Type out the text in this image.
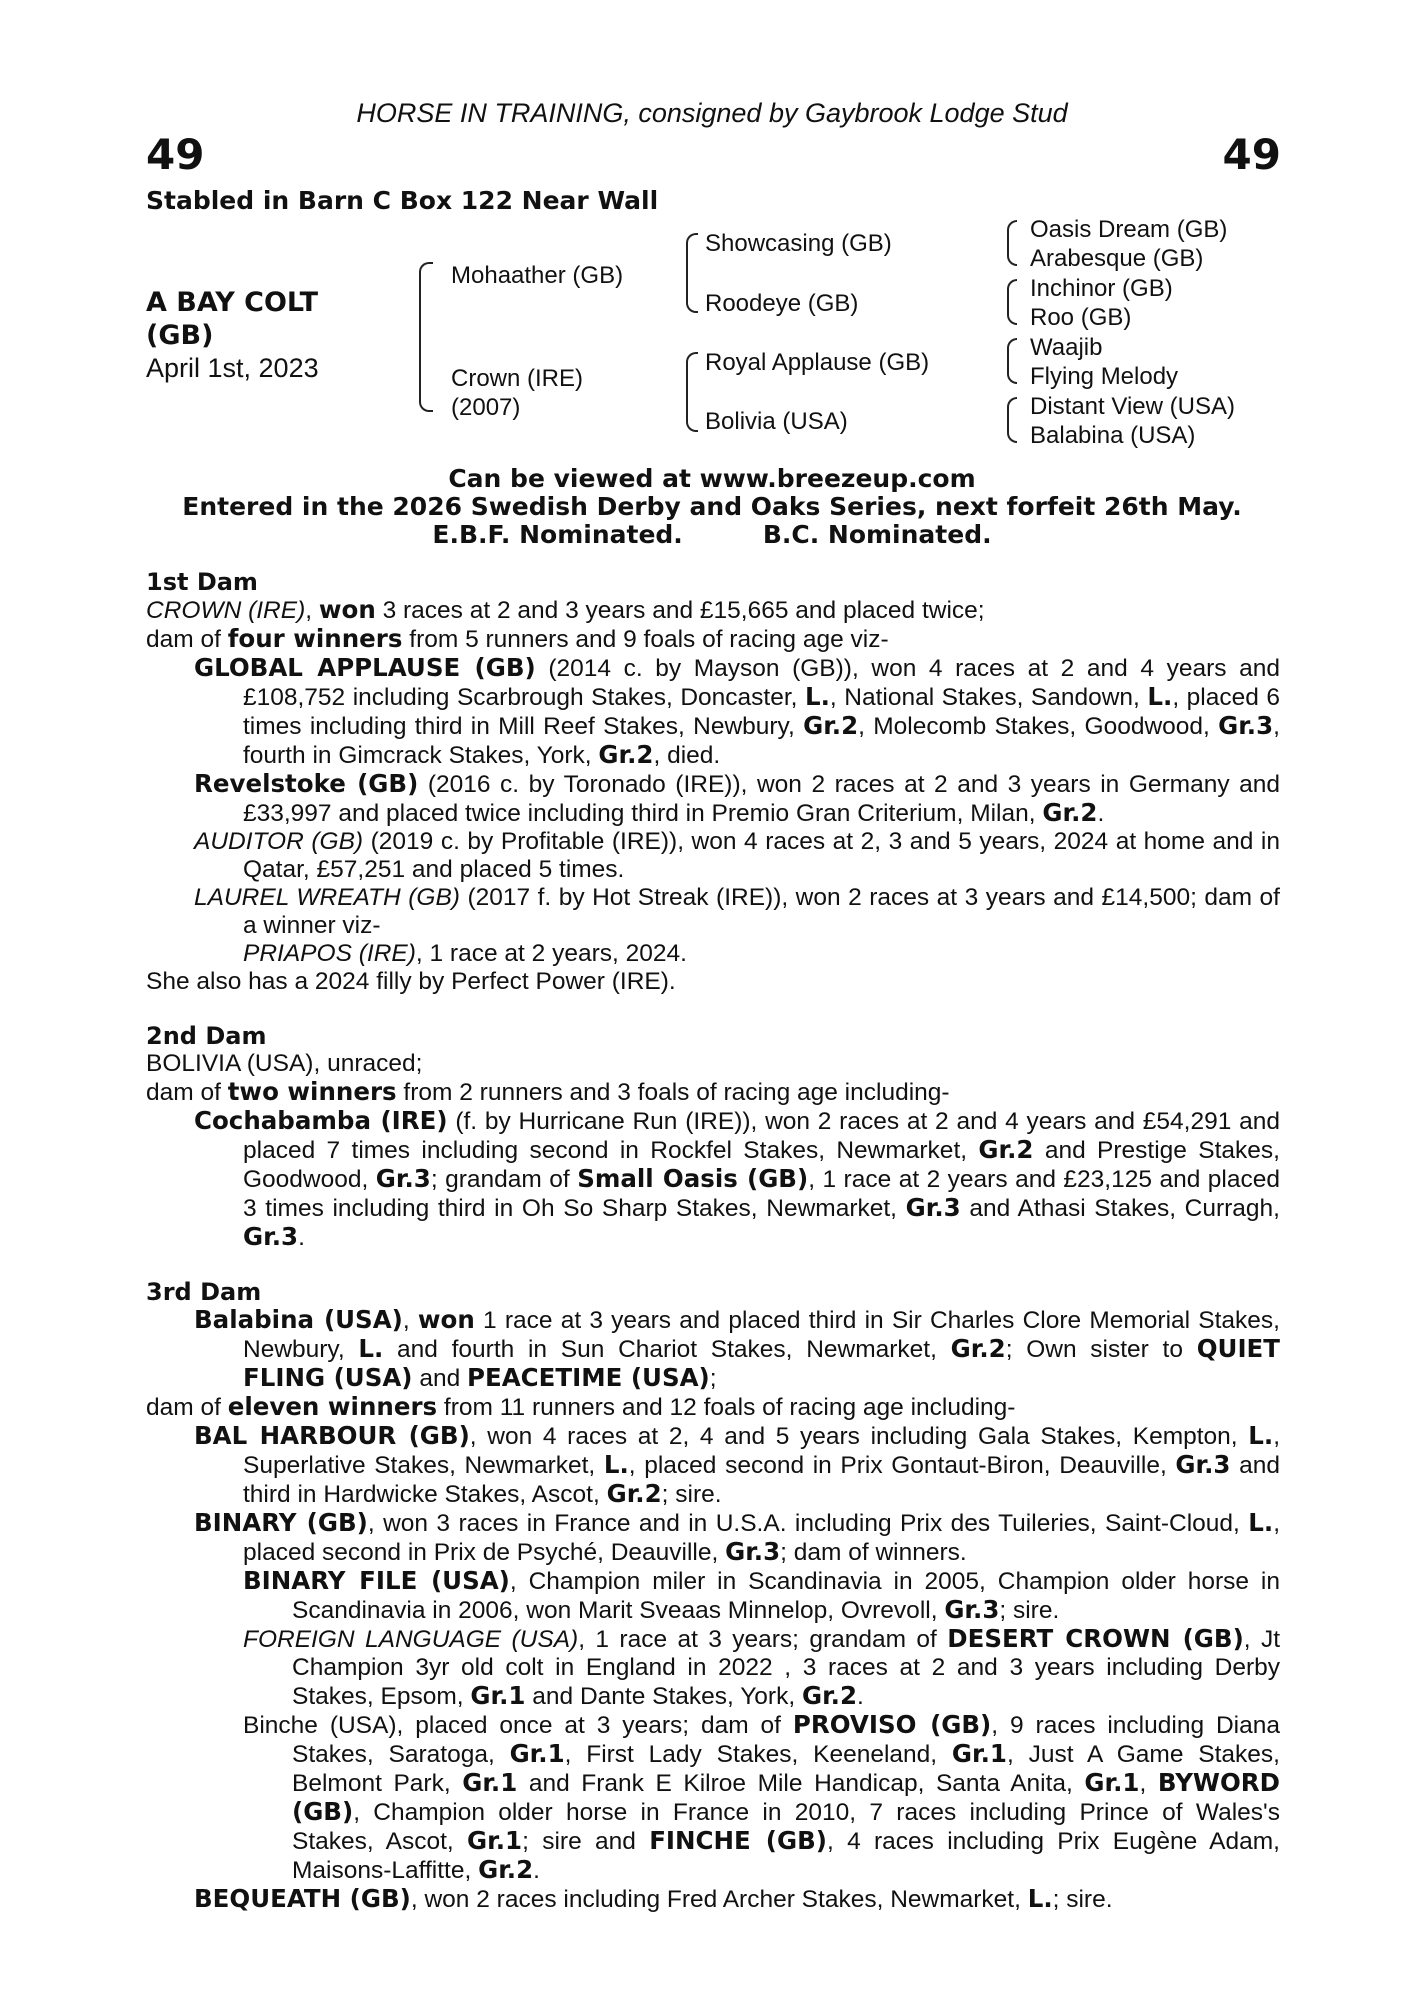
HORSE IN TRAINING, consigned by Gaybrook Lodge Stud
49	49
Stabled in Barn C Box 122 Near Wall
A BAY COLT
(GB)
April 1st, 2023
Mohaather (GB)
Crown (IRE)
(2007)
Showcasing (GB)
Roodeye (GB)
Royal Applause (GB)
Bolivia (USA)
Oasis Dream (GB)
Arabesque (GB)
Inchinor (GB)
Roo (GB)
Waajib
Flying Melody
Distant View (USA)
Balabina (USA)
Can be viewed at www.breezeup.com
Entered in the 2026 Swedish Derby and Oaks Series, next forfeit 26th May.
E.B.F. Nominated.	B.C. Nominated.
1st Dam
CROWN (IRE), won 3 races at 2 and 3 years and £15,665 and placed twice;
dam of four winners from 5 runners and 9 foals of racing age viz-
GLOBAL APPLAUSE (GB) (2014 c. by Mayson (GB)), won 4 races at 2 and 4 years and £108,752 including Scarbrough Stakes, Doncaster, L., National Stakes, Sandown, L., placed 6 times including third in Mill Reef Stakes, Newbury, Gr.2, Molecomb Stakes, Goodwood, Gr.3, fourth in Gimcrack Stakes, York, Gr.2, died.
Revelstoke (GB) (2016 c. by Toronado (IRE)), won 2 races at 2 and 3 years in Germany and £33,997 and placed twice including third in Premio Gran Criterium, Milan, Gr.2.
AUDITOR (GB) (2019 c. by Profitable (IRE)), won 4 races at 2, 3 and 5 years, 2024 at home and in Qatar, £57,251 and placed 5 times.
LAUREL WREATH (GB) (2017 f. by Hot Streak (IRE)), won 2 races at 3 years and £14,500; dam of a winner viz-
PRIAPOS (IRE), 1 race at 2 years, 2024.
She also has a 2024 filly by Perfect Power (IRE).
2nd Dam
BOLIVIA (USA), unraced;
dam of two winners from 2 runners and 3 foals of racing age including-
Cochabamba (IRE) (f. by Hurricane Run (IRE)), won 2 races at 2 and 4 years and £54,291 and placed 7 times including second in Rockfel Stakes, Newmarket, Gr.2 and Prestige Stakes, Goodwood, Gr.3; grandam of Small Oasis (GB), 1 race at 2 years and £23,125 and placed 3 times including third in Oh So Sharp Stakes, Newmarket, Gr.3 and Athasi Stakes, Curragh, Gr.3.
3rd Dam
Balabina (USA), won 1 race at 3 years and placed third in Sir Charles Clore Memorial Stakes, Newbury, L. and fourth in Sun Chariot Stakes, Newmarket, Gr.2; Own sister to QUIET FLING (USA) and PEACETIME (USA);
dam of eleven winners from 11 runners and 12 foals of racing age including-
BAL HARBOUR (GB), won 4 races at 2, 4 and 5 years including Gala Stakes, Kempton, L., Superlative Stakes, Newmarket, L., placed second in Prix Gontaut-Biron, Deauville, Gr.3 and third in Hardwicke Stakes, Ascot, Gr.2; sire.
BINARY (GB), won 3 races in France and in U.S.A. including Prix des Tuileries, Saint-Cloud, L., placed second in Prix de Psyché, Deauville, Gr.3; dam of winners.
BINARY FILE (USA), Champion miler in Scandinavia in 2005, Champion older horse in Scandinavia in 2006, won Marit Sveaas Minnelop, Ovrevoll, Gr.3; sire.
FOREIGN LANGUAGE (USA), 1 race at 3 years; grandam of DESERT CROWN (GB), Jt Champion 3yr old colt in England in 2022 , 3 races at 2 and 3 years including Derby Stakes, Epsom, Gr.1 and Dante Stakes, York, Gr.2.
Binche (USA), placed once at 3 years; dam of PROVISO (GB), 9 races including Diana Stakes, Saratoga, Gr.1, First Lady Stakes, Keeneland, Gr.1, Just A Game Stakes, Belmont Park, Gr.1 and Frank E Kilroe Mile Handicap, Santa Anita, Gr.1, BYWORD (GB), Champion older horse in France in 2010, 7 races including Prince of Wales's Stakes, Ascot, Gr.1; sire and FINCHE (GB), 4 races including Prix Eugène Adam, Maisons-Laffitte, Gr.2.
BEQUEATH (GB), won 2 races including Fred Archer Stakes, Newmarket, L.; sire.
